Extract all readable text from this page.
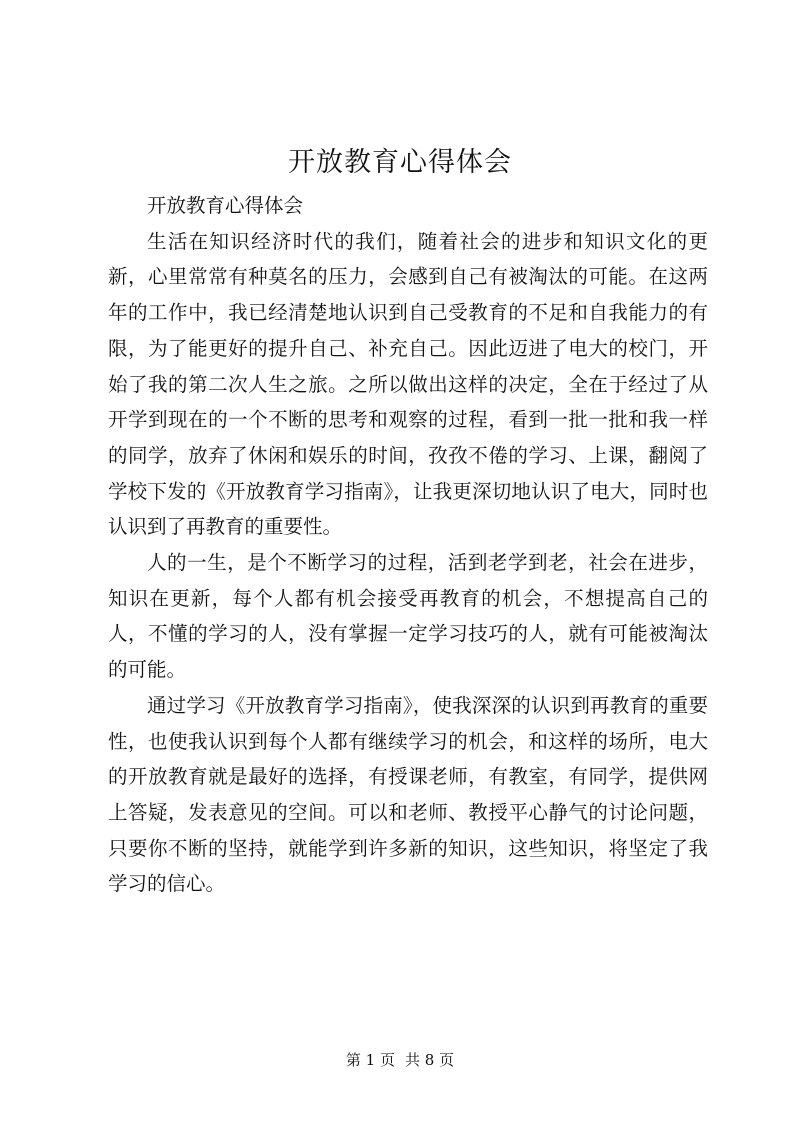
开放教育心得体会

开放教育心得体会

生活在知识经济时代的我们，随着社会的进步和知识文化的更新，心里常常有种莫名的压力，会感到自己有被淘汰的可能。在这两年的工作中，我已经清楚地认识到自己受教育的不足和自我能力的有限，为了能更好的提升自己、补充自己。因此迈进了电大的校门，开始了我的第二次人生之旅。之所以做出这样的决定，全在于经过了从开学到现在的一个不断的思考和观察的过程，看到一批一批和我一样的同学，放弃了休闲和娱乐的时间，孜孜不倦的学习、上课，翻阅了学校下发的《开放教育学习指南》，让我更深切地认识了电大，同时也认识到了再教育的重要性。

人的一生，是个不断学习的过程，活到老学到老，社会在进步，知识在更新，每个人都有机会接受再教育的机会，不想提高自己的人，不懂的学习的人，没有掌握一定学习技巧的人，就有可能被淘汰的可能。

通过学习《开放教育学习指南》，使我深深的认识到再教育的重要性，也使我认识到每个人都有继续学习的机会，和这样的场所，电大的开放教育就是最好的选择，有授课老师，有教室，有同学，提供网上答疑，发表意见的空间。可以和老师、教授平心静气的讨论问题，只要你不断的坚持，就能学到许多新的知识，这些知识，将坚定了我学习的信心。

第 1 页 共 8 页
